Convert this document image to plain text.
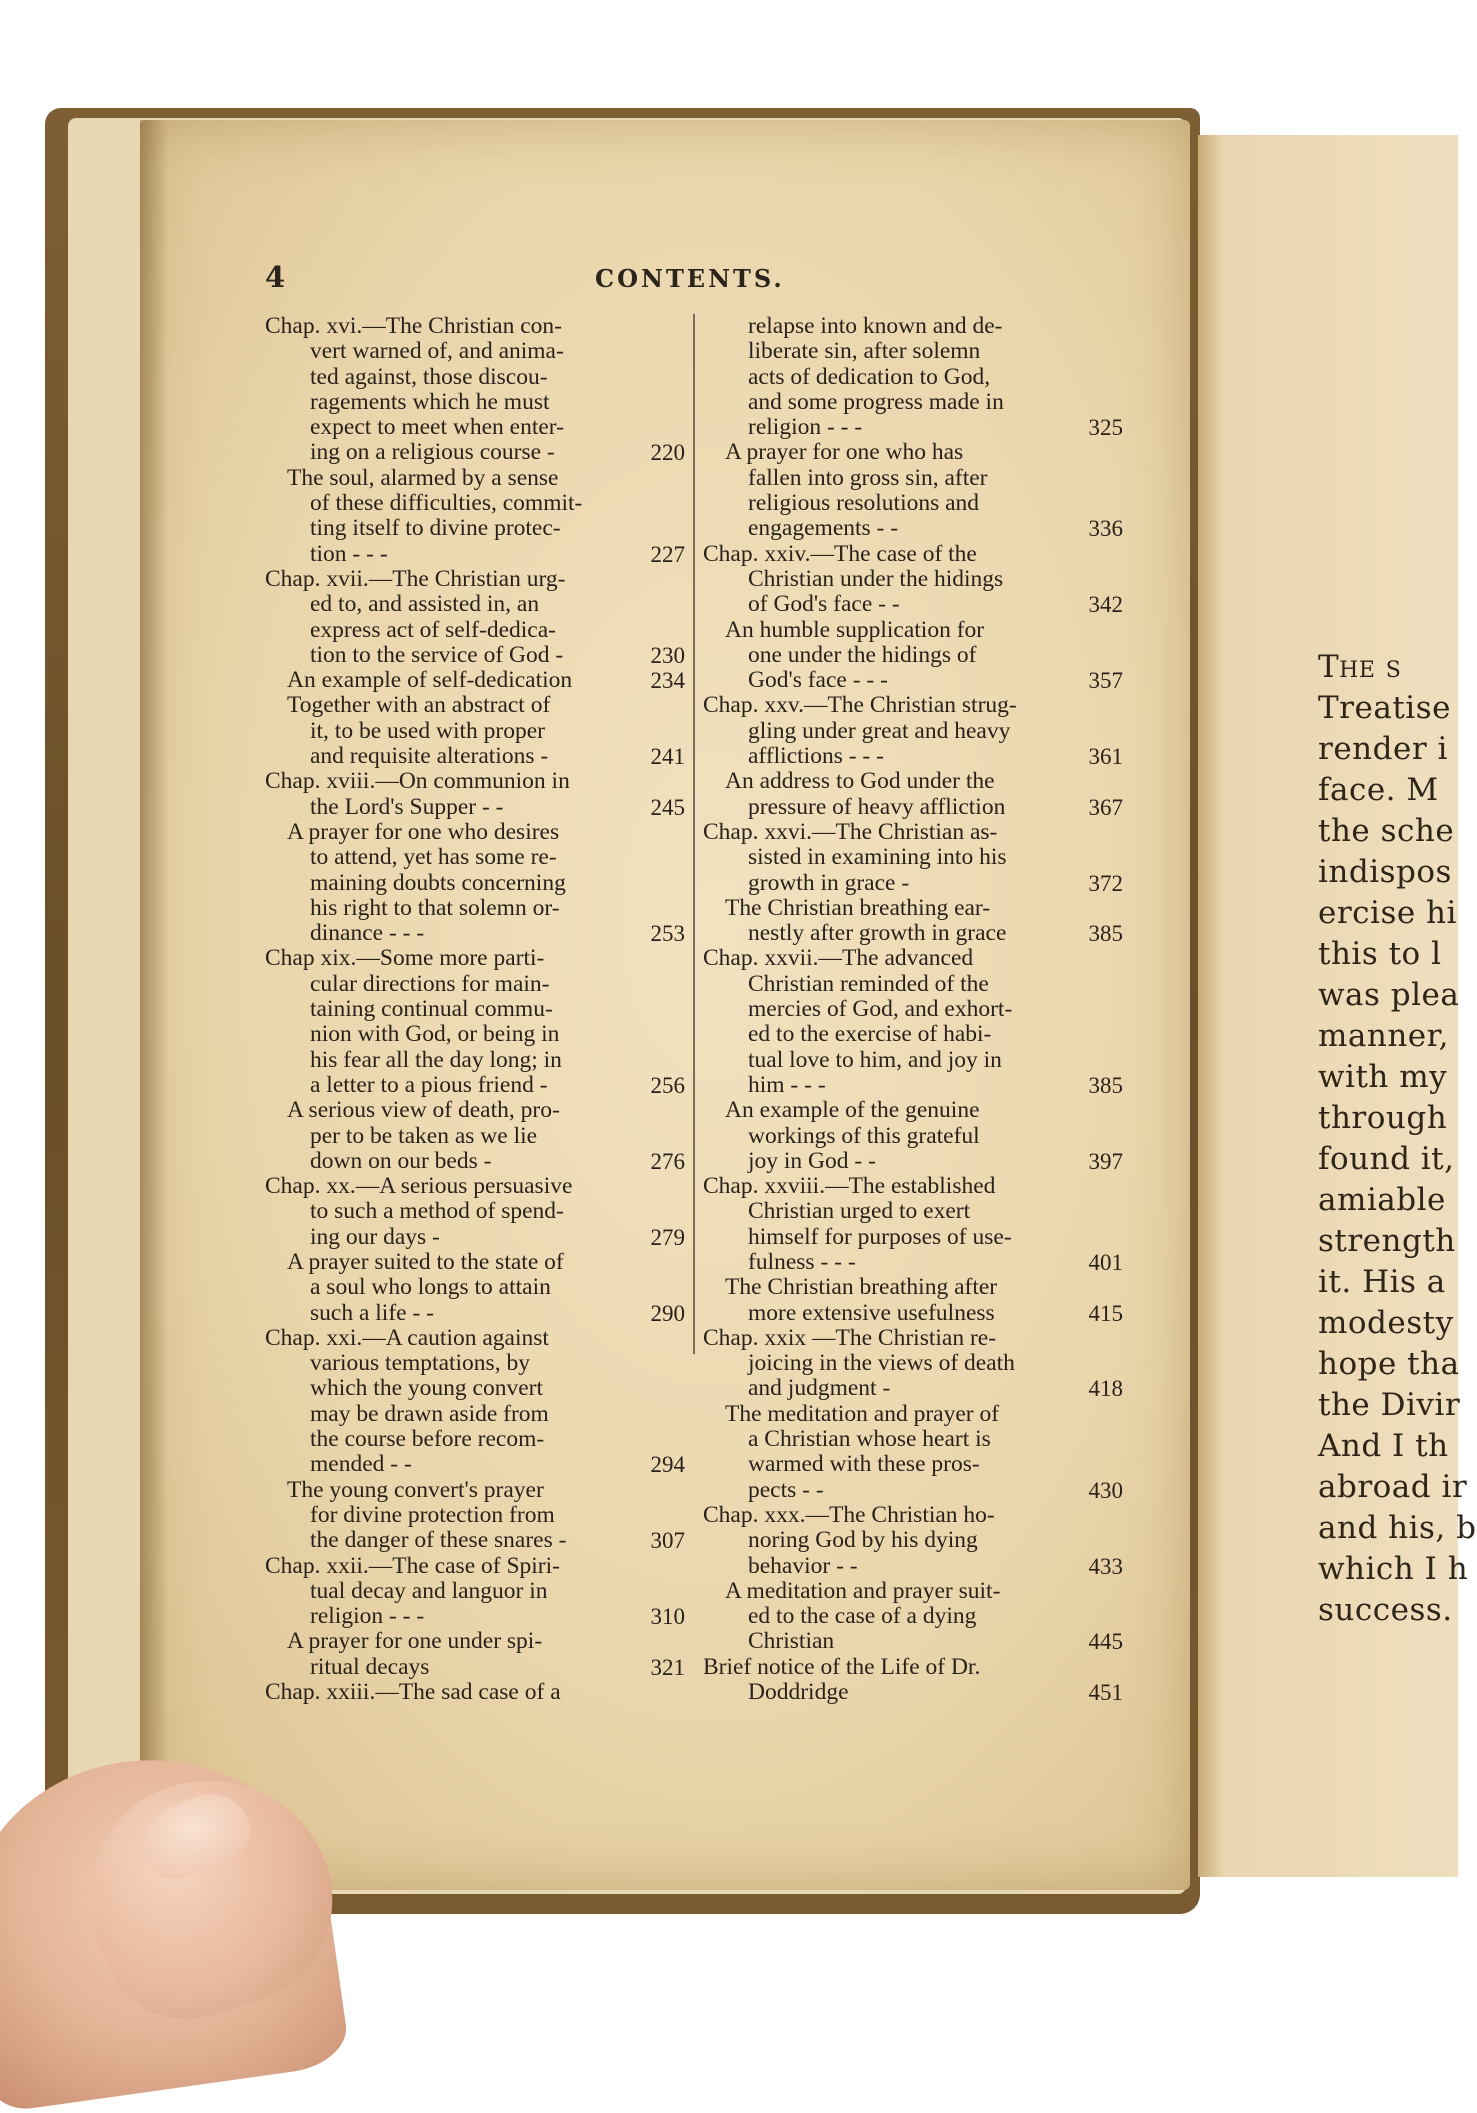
The s
Treatise
render i
face. M
the sche
indispos
ercise hi
this to l
was plea
manner,
with my
through
found it,
amiable
strength
it. His a
modesty
hope tha
the Divir
And I th
abroad ir
and his, b
which I h
success.
4	CONTENTS.
Chap. xvi.—The Christian con-
vert warned of, and anima-
ted against, those discou-
ragements which he must
expect to meet when enter-
ing on a religious course -	220
The soul, alarmed by a sense
of these difficulties, commit-
ting itself to divine protec-
tion - - -	227
Chap. xvii.—The Christian urg-
ed to, and assisted in, an
express act of self-dedica-
tion to the service of God -	230
An example of self-dedication	234
Together with an abstract of
it, to be used with proper
and requisite alterations -	241
Chap. xviii.—On communion in
the Lord's Supper - -	245
A prayer for one who desires
to attend, yet has some re-
maining doubts concerning
his right to that solemn or-
dinance - - -	253
Chap xix.—Some more parti-
cular directions for main-
taining continual commu-
nion with God, or being in
his fear all the day long; in
a letter to a pious friend -	256
A serious view of death, pro-
per to be taken as we lie
down on our beds -	276
Chap. xx.—A serious persuasive
to such a method of spend-
ing our days -	279
A prayer suited to the state of
a soul who longs to attain
such a life - -	290
Chap. xxi.—A caution against
various temptations, by
which the young convert
may be drawn aside from
the course before recom-
mended - -	294
The young convert's prayer
for divine protection from
the danger of these snares -	307
Chap. xxii.—The case of Spiri-
tual decay and languor in
religion - - -	310
A prayer for one under spi-
ritual decays	321
Chap. xxiii.—The sad case of a
relapse into known and de-
liberate sin, after solemn
acts of dedication to God,
and some progress made in
religion - - -	325
A prayer for one who has
fallen into gross sin, after
religious resolutions and
engagements - -	336
Chap. xxiv.—The case of the
Christian under the hidings
of God's face - -	342
An humble supplication for
one under the hidings of
God's face - - -	357
Chap. xxv.—The Christian strug-
gling under great and heavy
afflictions - - -	361
An address to God under the
pressure of heavy affliction	367
Chap. xxvi.—The Christian as-
sisted in examining into his
growth in grace -	372
The Christian breathing ear-
nestly after growth in grace	385
Chap. xxvii.—The advanced
Christian reminded of the
mercies of God, and exhort-
ed to the exercise of habi-
tual love to him, and joy in
him - - -	385
An example of the genuine
workings of this grateful
joy in God - -	397
Chap. xxviii.—The established
Christian urged to exert
himself for purposes of use-
fulness - - -	401
The Christian breathing after
more extensive usefulness	415
Chap. xxix —The Christian re-
joicing in the views of death
and judgment -	418
The meditation and prayer of
a Christian whose heart is
warmed with these pros-
pects - -	430
Chap. xxx.—The Christian ho-
noring God by his dying
behavior - -	433
A meditation and prayer suit-
ed to the case of a dying
Christian	445
Brief notice of the Life of Dr.
Doddridge	451
